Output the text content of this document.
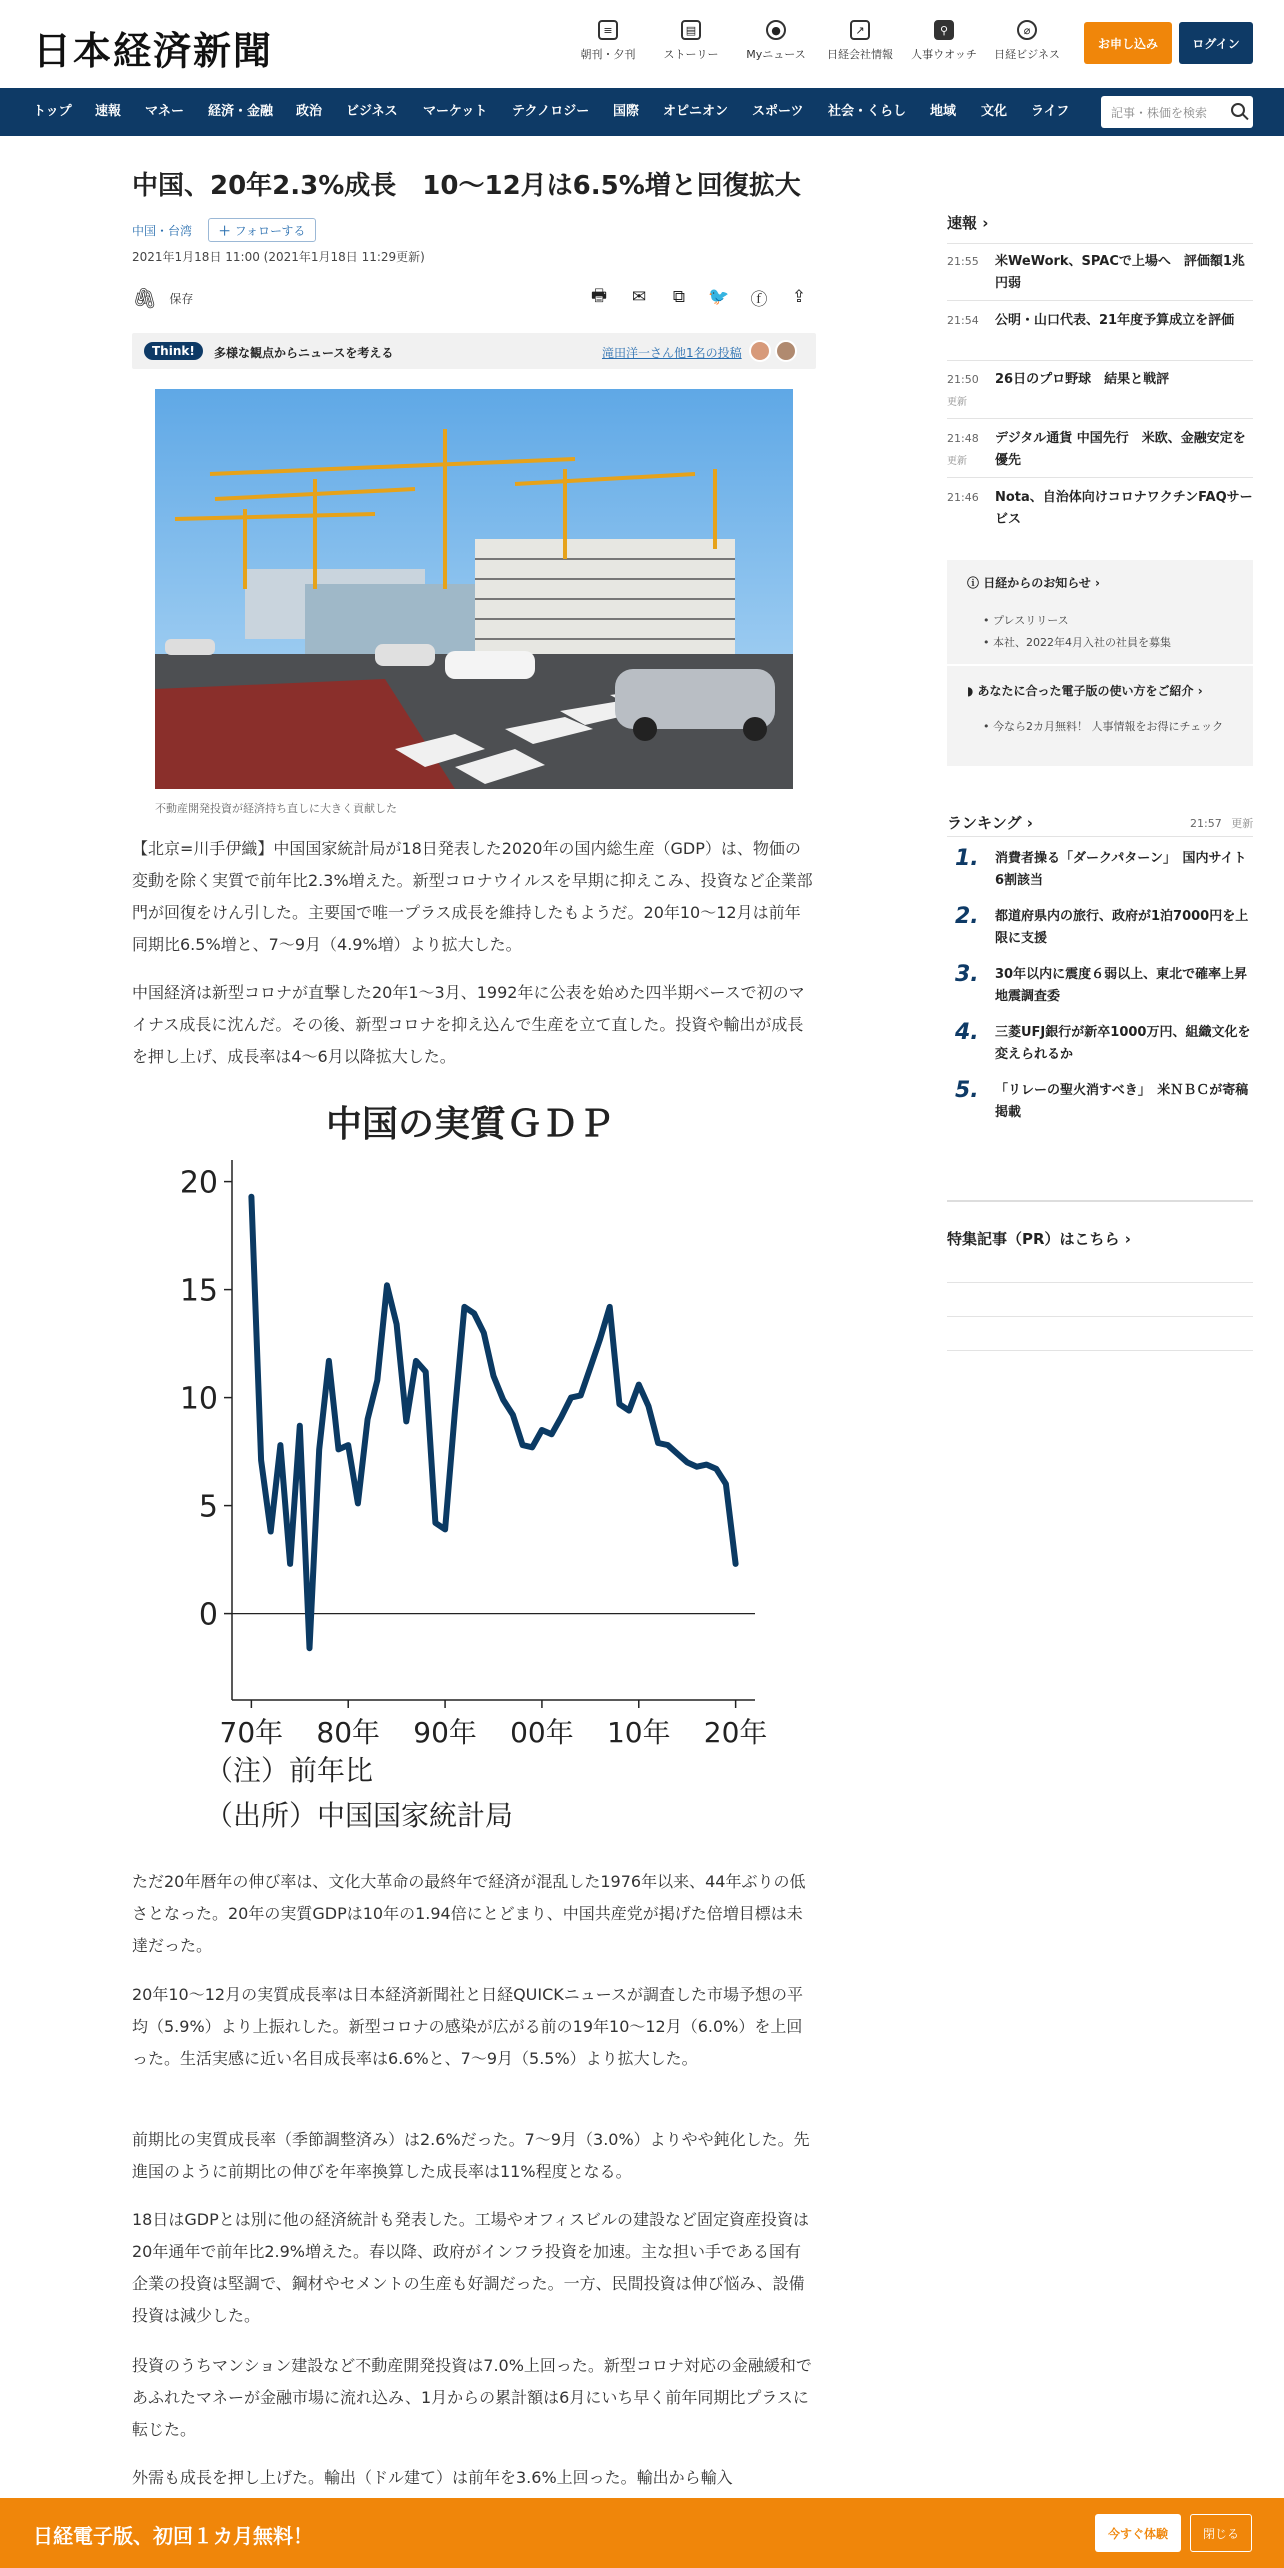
日本経済新聞	≡
朝刊・夕刊
▤
ストーリー
●
Myニュース
↗
日経会社情報
⚲
人事ウオッチ
⌀
日経ビジネス
お申し込み	ログイン
トップ 速報 マネー 経済・金融 政治 ビジネス マーケット テクノロジー 国際 オピニオン スポーツ 社会・くらし 地域 文化 ライフ	記事・株価を検索
中国、20年2.3%成長　10～12月は6.5%増と回復拡大
中国・台湾 ＋ フォローする
2021年1月18日 11:00 (2021年1月18日 11:29更新)
🖇 保存	🖶	✉	⧉	🐦 ⓕ	⇪
Think!	多様な観点からニュースを考える	滝田洋一さん他1名の投稿
不動産開発投資が経済持ち直しに大きく貢献した
【北京=川手伊織】中国国家統計局が18日発表した2020年の国内総生産（GDP）は、物価の変動を除く実質で前年比2.3%増えた。新型コロナウイルスを早期に抑えこみ、投資など企業部門が回復をけん引した。主要国で唯一プラス成長を維持したもようだ。20年10～12月は前年同期比6.5%増と、7～9月（4.9%増）より拡大した。
中国経済は新型コロナが直撃した20年1～3月、1992年に公表を始めた四半期ベースで初のマイナス成長に沈んだ。その後、新型コロナを抑え込んで生産を立て直した。投資や輸出が成長を押し上げ、成長率は4～6月以降拡大した。
中国の実質ＧＤＰ
（注）前年比
（出所）中国国家統計局
0
5
10
15
20
70年 80年 90年 00年 10年 20年
ただ20年暦年の伸び率は、文化大革命の最終年で経済が混乱した1976年以来、44年ぶりの低さとなった。20年の実質GDPは10年の1.94倍にとどまり、中国共産党が掲げた倍増目標は未達だった。
20年10～12月の実質成長率は日本経済新聞社と日経QUICKニュースが調査した市場予想の平均（5.9%）より上振れした。新型コロナの感染が広がる前の19年10～12月（6.0%）を上回った。生活実感に近い名目成長率は6.6%と、7～9月（5.5%）より拡大した。
前期比の実質成長率（季節調整済み）は2.6%だった。7～9月（3.0%）よりやや鈍化した。先進国のように前期比の伸びを年率換算した成長率は11%程度となる。
18日はGDPとは別に他の経済統計も発表した。工場やオフィスビルの建設など固定資産投資は20年通年で前年比2.9%増えた。春以降、政府がインフラ投資を加速。主な担い手である国有企業の投資は堅調で、鋼材やセメントの生産も好調だった。一方、民間投資は伸び悩み、設備投資は減少した。
投資のうちマンション建設など不動産開発投資は7.0%上回った。新型コロナ対応の金融緩和であふれたマネーが金融市場に流れ込み、1月からの累計額は6月にいち早く前年同期比プラスに転じた。
外需も成長を押し上げた。輸出（ドル建て）は前年を3.6%上回った。輸出から輸入
速報 ›
21:55 米WeWork、SPACで上場へ　評価額1兆円弱
21:54 公明・山口代表、21年度予算成立を評価
21:50
更新
26日のプロ野球　結果と戦評
21:48
更新
デジタル通貨 中国先行　米欧、金融安定を優先
21:46 Nota、自治体向けコロナワクチンFAQサービス
ⓘ 日経からのお知らせ ›
• プレスリリース
• 本社、2022年4月入社の社員を募集
◗ あなたに合った電子版の使い方をご紹介 ›
• 今なら2カ月無料！ 人事情報をお得にチェック
ランキング ›	21:57 更新
1. 消費者操る「ダークパターン」　国内サイト6割該当
2. 都道府県内の旅行、政府が1泊7000円を上限に支援
3. 30年以内に震度６弱以上、東北で確率上昇　地震調査委
4. 三菱UFJ銀行が新卒1000万円、組織文化を変えられるか
5. 「リレーの聖火消すべき」　米ＮＢＣが寄稿掲載
特集記事（PR）はこちら ›
日経電子版、初回１カ月無料！	今すぐ体験	閉じる
